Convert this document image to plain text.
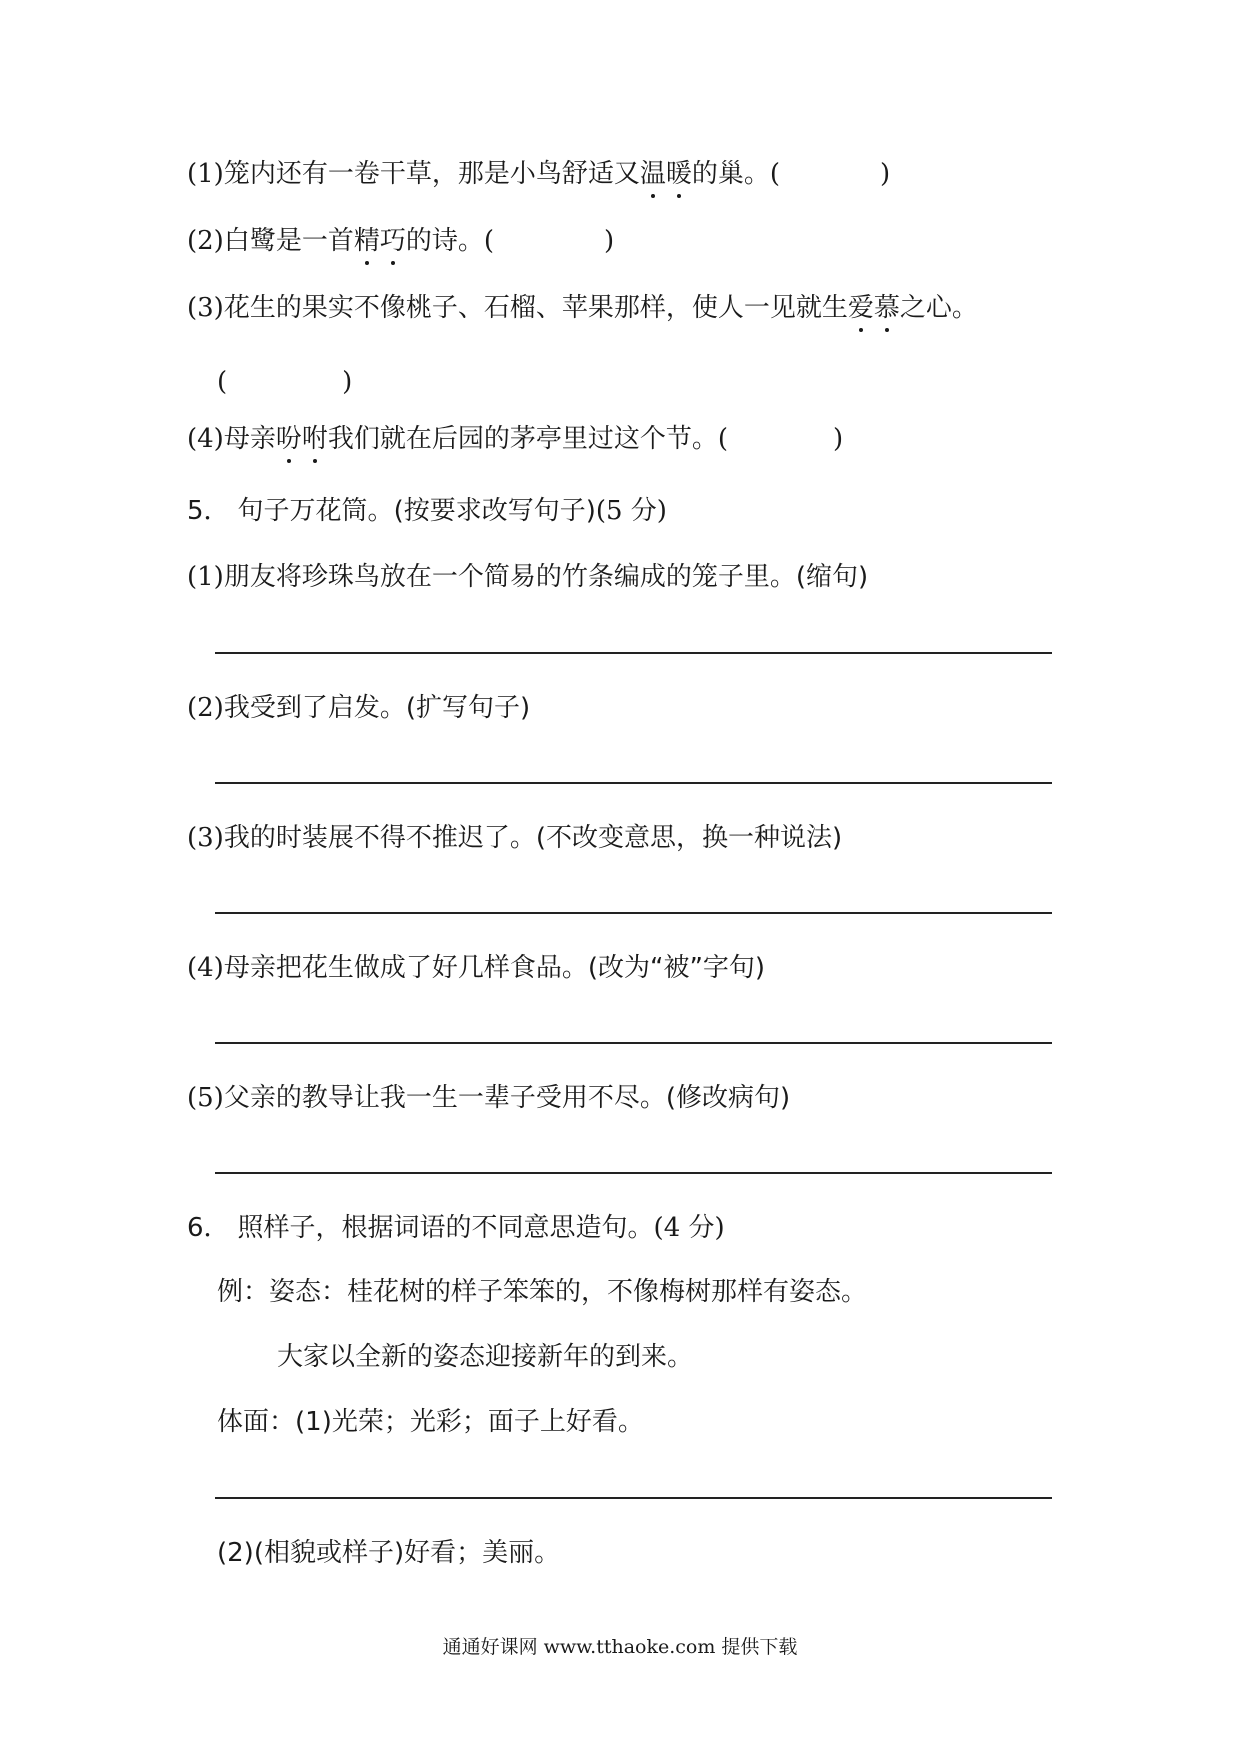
(1)笼内还有一卷干草，那是小鸟舒适又温暖的巢。(	)
(2)白鹭是一首精巧的诗。(	)
(3)花生的果实不像桃子、石榴、苹果那样，使人一见就生爱慕之心。
(	)
(4)母亲吩咐我们就在后园的茅亭里过这个节。(	)
5． 句子万花筒。(按要求改写句子)(5 分)
(1)朋友将珍珠鸟放在一个简易的竹条编成的笼子里。(缩句)
(2)我受到了启发。(扩写句子)
(3)我的时装展不得不推迟了。(不改变意思，换一种说法)
(4)母亲把花生做成了好几样食品。(改为“被”字句)
(5)父亲的教导让我一生一辈子受用不尽。(修改病句)
6． 照样子，根据词语的不同意思造句。(4 分)
例：姿态：桂花树的样子笨笨的，不像梅树那样有姿态。
大家以全新的姿态迎接新年的到来。
体面：(1)光荣；光彩；面子上好看。
(2)(相貌或样子)好看；美丽。
通通好课网 www.tthaoke.com 提供下载
